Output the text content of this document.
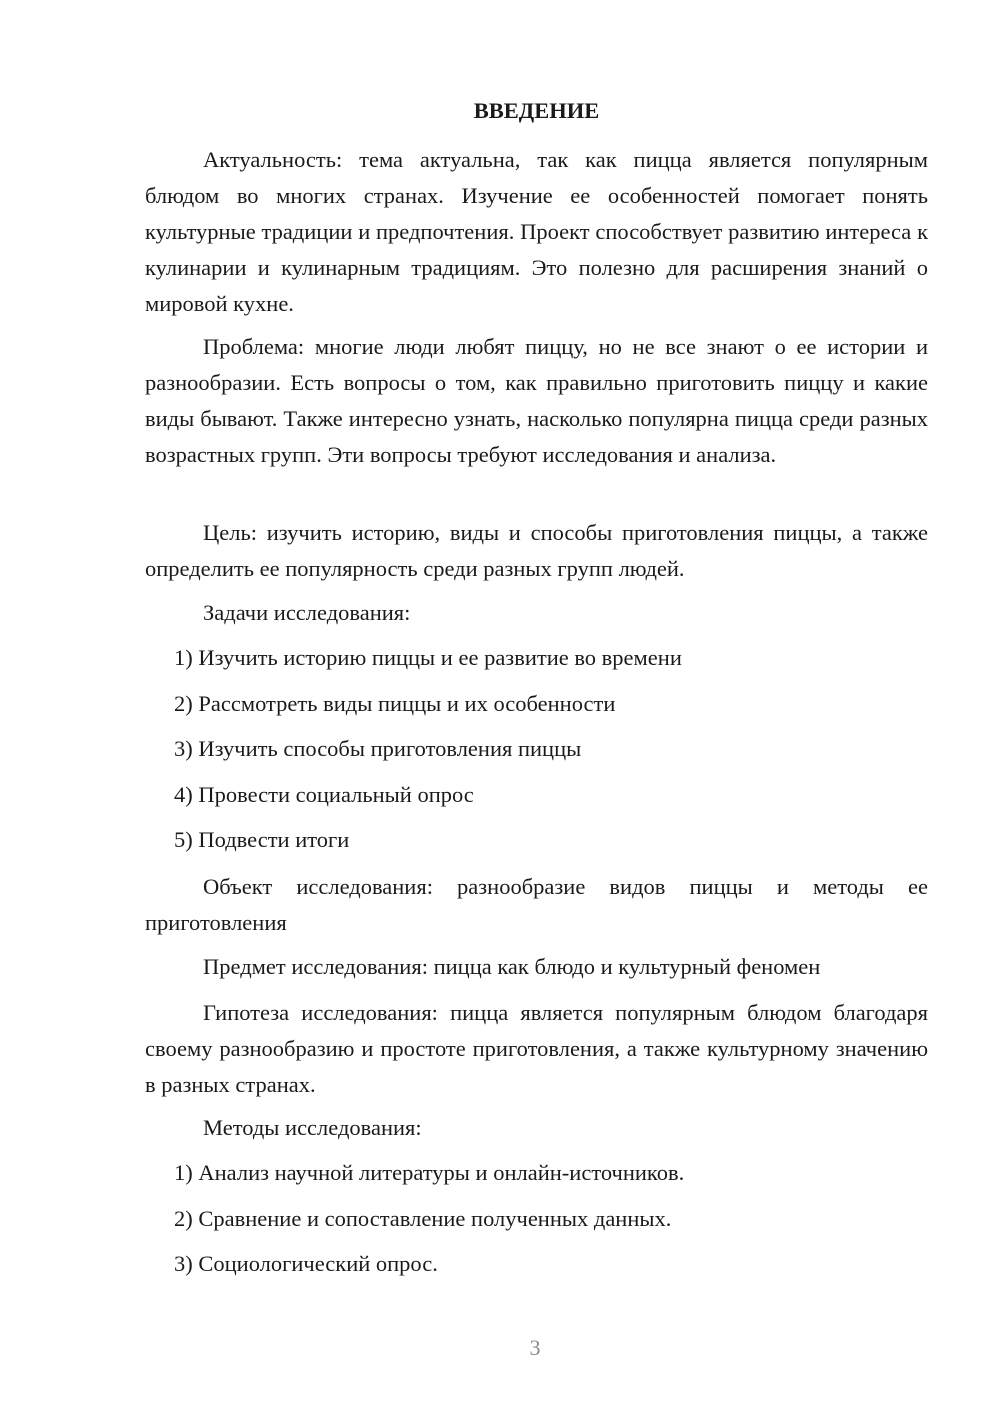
ВВЕДЕНИЕ

Актуальность: тема актуальна, так как пицца является популярным блюдом во многих странах. Изучение ее особенностей помогает понять культурные традиции и предпочтения. Проект способствует развитию интереса к кулинарии и кулинарным традициям. Это полезно для расширения знаний о мировой кухне.

Проблема: многие люди любят пиццу, но не все знают о ее истории и разнообразии. Есть вопросы о том, как правильно приготовить пиццу и какие виды бывают. Также интересно узнать, насколько популярна пицца среди разных возрастных групп. Эти вопросы требуют исследования и анализа.

Цель: изучить историю, виды и способы приготовления пиццы, а также определить ее популярность среди разных групп людей.

Задачи исследования:

1) Изучить историю пиццы и ее развитие во времени

2) Рассмотреть виды пиццы и их особенности

3) Изучить способы приготовления пиццы

4) Провести социальный опрос

5) Подвести итоги

Объект исследования: разнообразие видов пиццы и методы ее приготовления

Предмет исследования: пицца как блюдо и культурный феномен

Гипотеза исследования: пицца является популярным блюдом благодаря своему разнообразию и простоте приготовления, а также культурному значению в разных странах.

Методы исследования:

1) Анализ научной литературы и онлайн-источников.

2) Сравнение и сопоставление полученных данных.

3) Социологический опрос.

3
